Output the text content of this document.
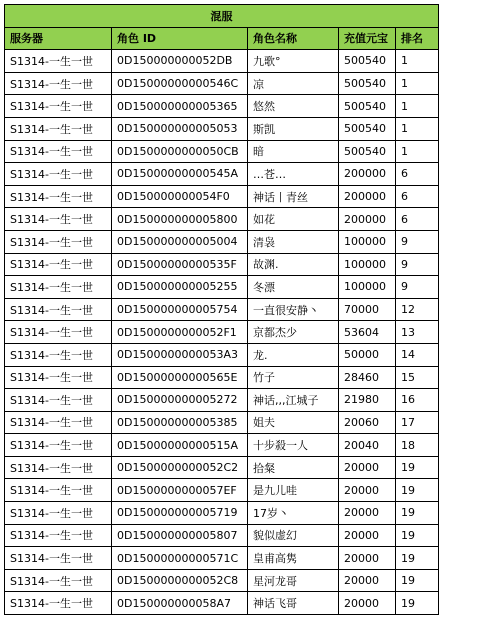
混服				
服务器	角色 ID	角色名称	充值元宝	排名
S1314-一生一世	0D150000000052DB	九歌°	500540	1
S1314-一生一世	0D15000000000546C	凉	500540	1
S1314-一生一世	0D150000000005365	悠然	500540	1
S1314-一生一世	0D150000000005053	斯凯	500540	1
S1314-一生一世	0D1500000000050CB	暗	500540	1
S1314-一生一世	0D15000000000545A	…苍…	200000	6
S1314-一生一世	0D150000000054F0	神话丨青丝	200000	6
S1314-一生一世	0D150000000005800	如花	200000	6
S1314-一生一世	0D150000000005004	清袅	100000	9
S1314-一生一世	0D15000000000535F	故渊.	100000	9
S1314-一生一世	0D150000000005255	冬漂	100000	9
S1314-一生一世	0D150000000005754	一直很安静丶	70000	12
S1314-一生一世	0D1500000000052F1	京都杰少	53604	13
S1314-一生一世	0D1500000000053A3	龙.	50000	14
S1314-一生一世	0D15000000000565E	竹子	28460	15
S1314-一生一世	0D150000000005272	神话,,,江城子	21980	16
S1314-一生一世	0D150000000005385	姐夫	20060	17
S1314-一生一世	0D15000000000515A	十步殺一人	20040	18
S1314-一生一世	0D1500000000052C2	拾粲	20000	19
S1314-一生一世	0D1500000000057EF	是九儿哇	20000	19
S1314-一生一世	0D150000000005719	17岁丶	20000	19
S1314-一生一世	0D150000000005807	貌似虚幻	20000	19
S1314-一生一世	0D15000000000571C	皇甫高隽	20000	19
S1314-一生一世	0D1500000000052C8	星河龙哥	20000	19
S1314-一生一世	0D150000000058A7	神话飞哥	20000	19
